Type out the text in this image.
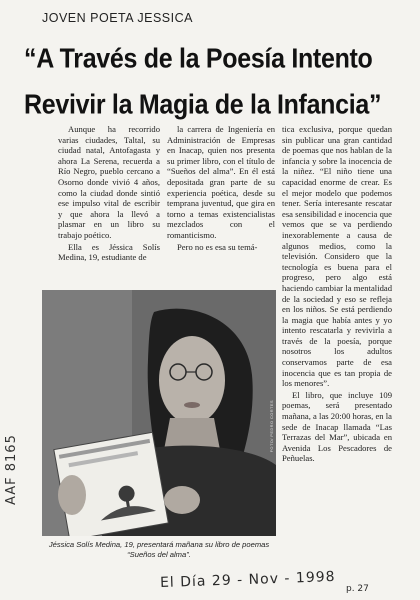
JOVEN POETA JESSICA
“A Través de la Poesía Intento
Revivir la Magia de la Infancia”

Aunque ha recorrido varias ciudades, Taltal, su ciudad natal, Antofagasta y ahora La Serena, recuerda a Río Negro, pueblo cercano a Osorno donde vivió 4 años, como la ciudad donde sintió ese impulso vital de escribir y que ahora la llevó a plasmar en un libro su trabajo poético.

Ella es Jéssica Solís Medina, 19, estudiante de

la carrera de Ingeniería en Administración de Empresas en Inacap, quien nos presenta su primer libro, con el título de “Sueños del alma”. En él está depositada gran parte de su experiencia poética, desde su temprana juventud, que gira en torno a temas existencialistas mezclados con el romanticismo.

Pero no es esa su temá-

tica exclusiva, porque quedan sin publicar una gran cantidad de poemas que nos hablan de la infancia y sobre la inocencia de la niñez. “El niño tiene una capacidad enorme de crear. Es el mejor modelo que podemos tener. Sería interesante rescatar esa sensibilidad e inocencia que vemos que se va perdiendo inexorablemente a causa de algunos medios, como la televisión. Considero que la tecnología es buena para el progreso, pero algo está haciendo cambiar la mentalidad de la sociedad y eso se refleja en los niños. Se está perdiendo la magia que había antes y yo intento rescatarla y revivirla a través de la poesía, porque nosotros los adultos conservamos parte de esa inocencia que es tan propia de los menores”.

El libro, que incluye 109 poemas, será presentado mañana, a las 20:00 horas, en la sede de Inacap llamada “Las Terrazas del Mar”, ubicada en Avenida Los Pescadores de Peñuelas.

FOTO/ PEDRO CORTES
Jéssica Solís Medina, 19, presentará mañana su libro de poemas “Sueños del alma”.
AAF 8165
El Día 29 - Nov - 1998 p. 27
